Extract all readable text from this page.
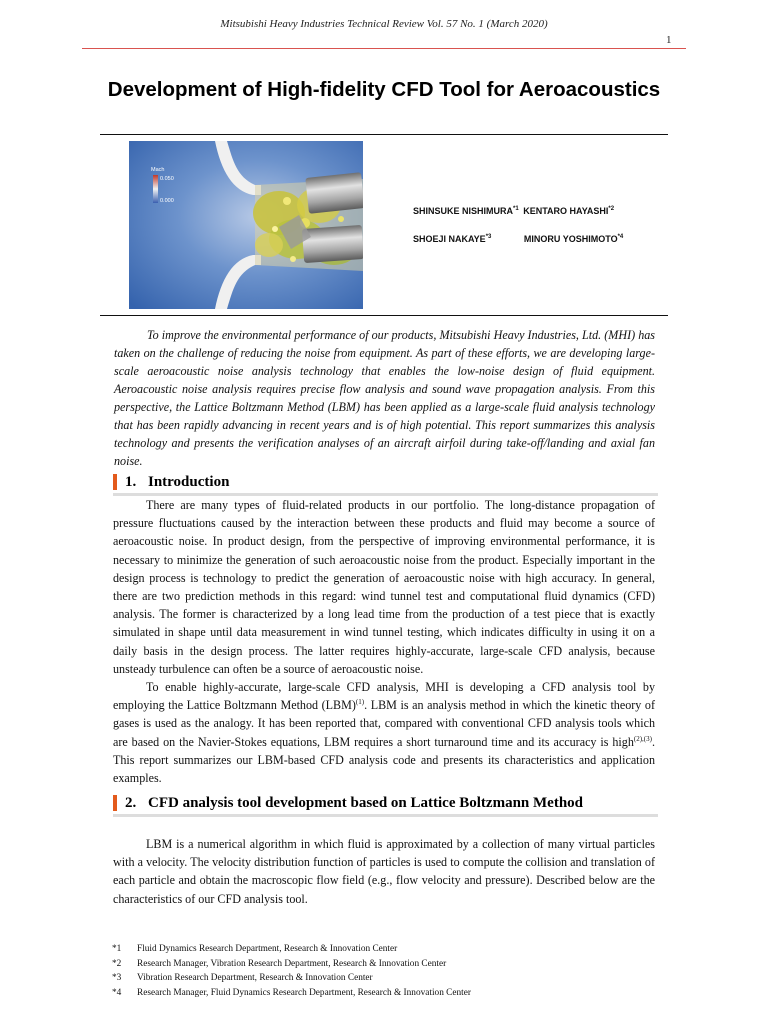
Mitsubishi Heavy Industries Technical Review Vol. 57 No. 1 (March 2020)
1
Development of High-fidelity CFD Tool for Aeroacoustics
Mach
0.050
0.000
SHINSUKE NISHIMURA$^{*1}$ KENTARO HAYASHI$^{*2}$
SHOEJI NAKAYE$^{*3}$	MINORU YOSHIMOTO$^{*4}$

To improve the environmental performance of our products, Mitsubishi Heavy Industries, Ltd. (MHI) has taken on the challenge of reducing the noise from equipment. As part of these efforts, we are developing large-scale aeroacoustic noise analysis technology that enables the low-noise design of fluid equipment. Aeroacoustic noise analysis requires precise flow analysis and sound wave propagation analysis. From this perspective, the Lattice Boltzmann Method (LBM) has been applied as a large-scale fluid analysis technology that has been rapidly advancing in recent years and is of high potential. This report summarizes this analysis technology and presents the verification analyses of an aircraft airfoil during take-off/landing and axial fan noise.

1. Introduction

There are many types of fluid-related products in our portfolio. The long-distance propagation of pressure fluctuations caused by the interaction between these products and fluid may become a source of aeroacoustic noise. In product design, from the perspective of improving environmental performance, it is necessary to minimize the generation of such aeroacoustic noise from the product. Especially important in the design process is technology to predict the generation of aeroacoustic noise with high accuracy. In general, there are two prediction methods in this regard: wind tunnel test and computational fluid dynamics (CFD) analysis. The former is characterized by a long lead time from the production of a test piece that is exactly simulated in shape until data measurement in wind tunnel testing, which indicates difficulty in using it on a daily basis in the design process. The latter requires highly-accurate, large-scale CFD analysis, because unsteady turbulence can often be a source of aeroacoustic noise.

To enable highly-accurate, large-scale CFD analysis, MHI is developing a CFD analysis tool by employing the Lattice Boltzmann Method (LBM)$^{(1)}$. LBM is an analysis method in which the kinetic theory of gases is used as the analogy. It has been reported that, compared with conventional CFD analysis tools which are based on the Navier-Stokes equations, LBM requires a short turnaround time and its accuracy is high$^{(2),(3)}$. This report summarizes our LBM-based CFD analysis code and presents its characteristics and application examples.

2. CFD analysis tool development based on Lattice Boltzmann Method

LBM is a numerical algorithm in which fluid is approximated by a collection of many virtual particles with a velocity. The velocity distribution function of particles is used to compute the collision and translation of each particle and obtain the macroscopic flow field (e.g., flow velocity and pressure). Described below are the characteristics of our CFD analysis tool.

*1	Fluid Dynamics Research Department, Research & Innovation Center
*2	Research Manager, Vibration Research Department, Research & Innovation Center
*3	Vibration Research Department, Research & Innovation Center
*4	Research Manager, Fluid Dynamics Research Department, Research & Innovation Center
